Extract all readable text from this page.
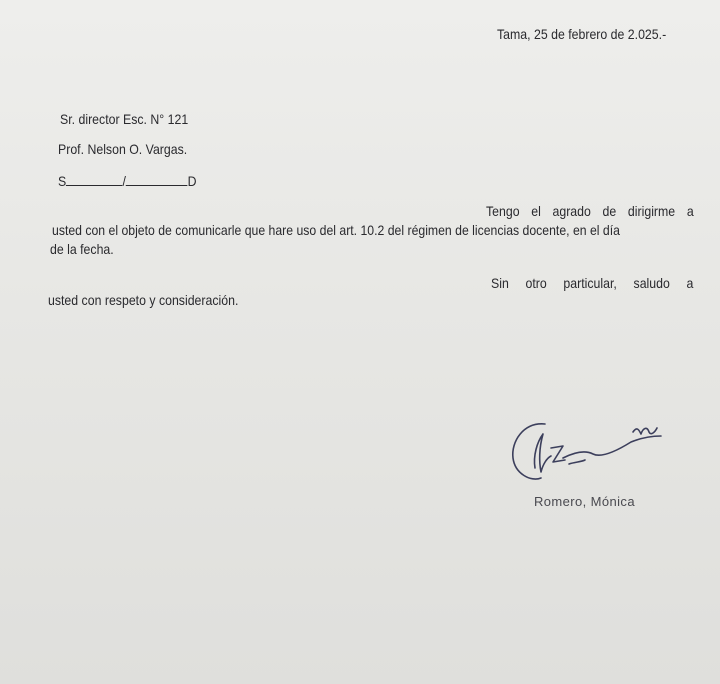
Tama, 25 de febrero de 2.025.-
Sr. director Esc. N° 121
Prof. Nelson O. Vargas.
S	/	D
Tengo el agrado de dirigirme a
usted con el objeto de comunicarle que hare uso del art. 10.2 del régimen de licencias docente, en el día
de la fecha.
Sin otro particular, saludo a
usted con respeto y consideración.
Romero, Mónica
